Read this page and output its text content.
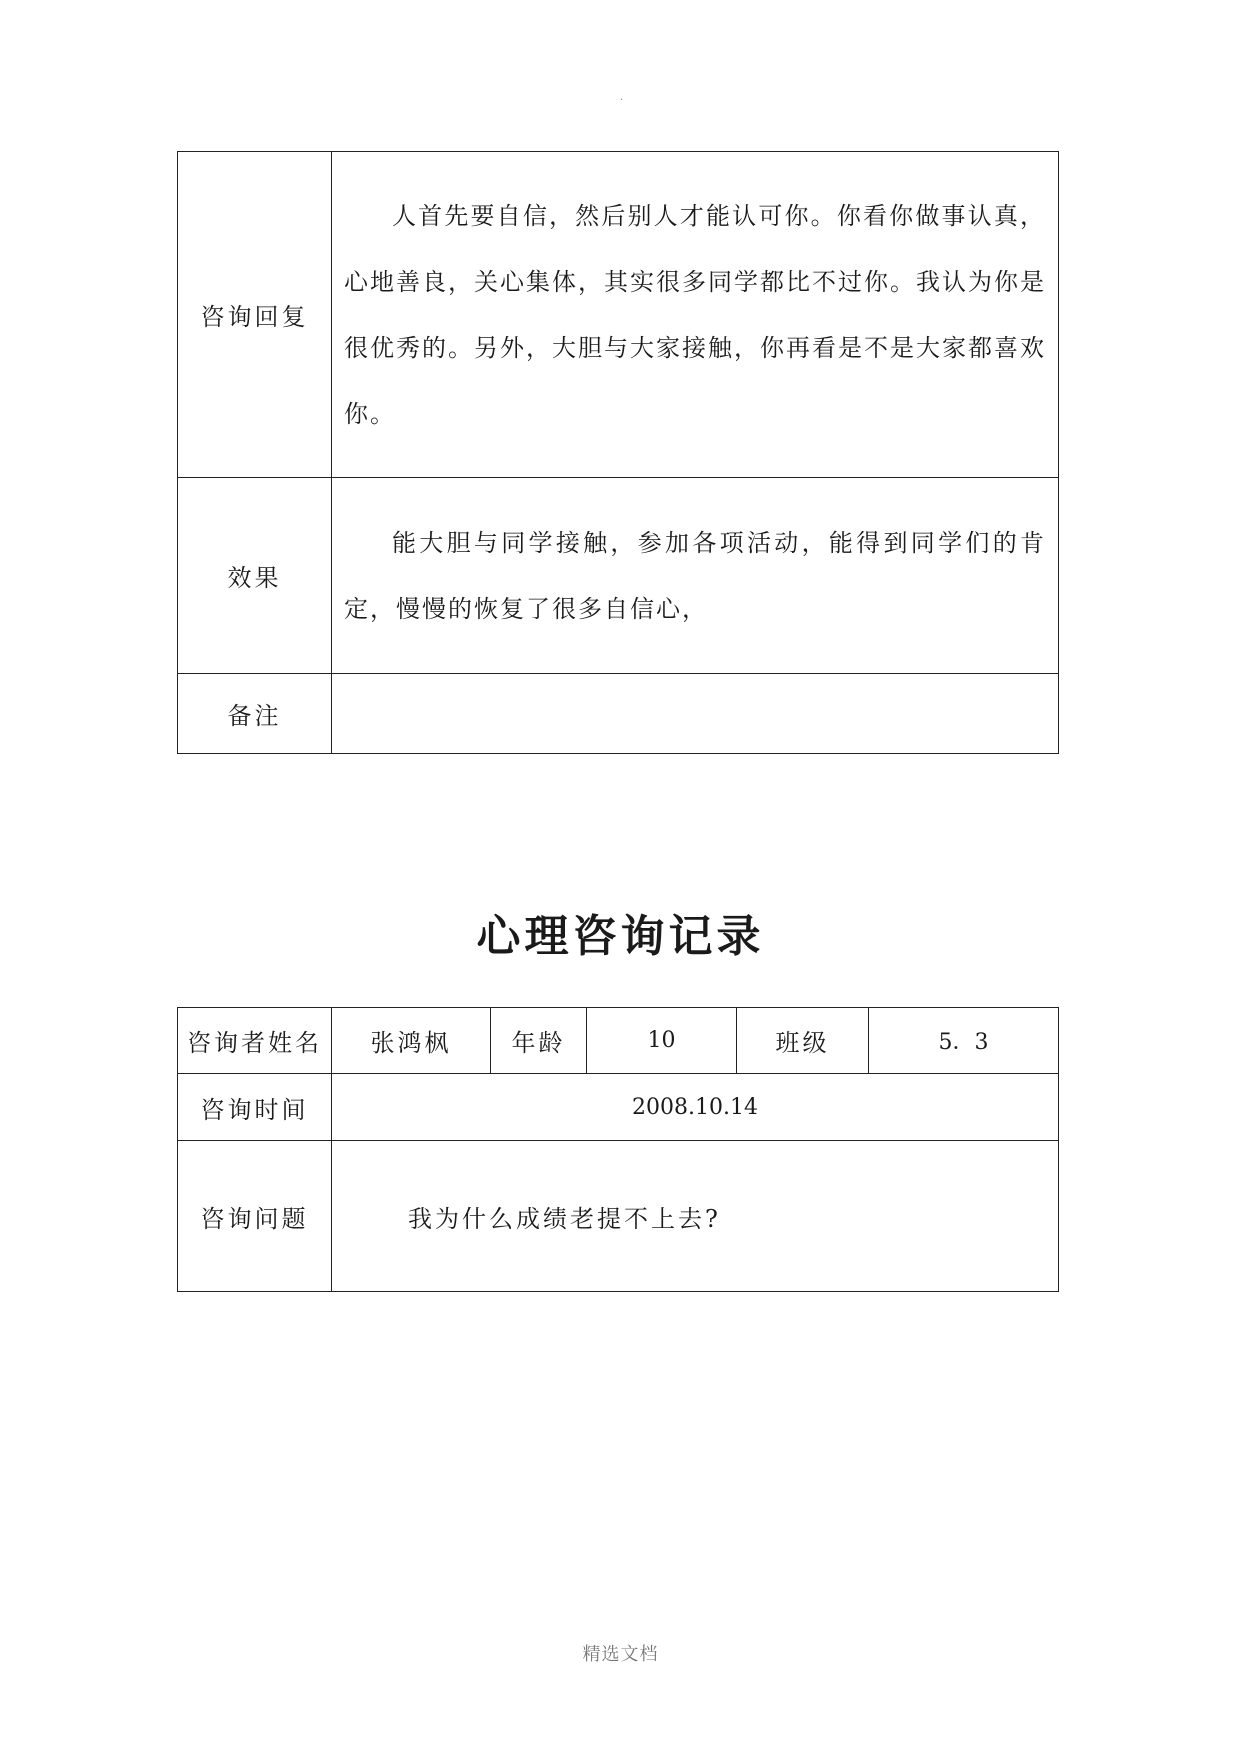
·
咨询回复	人首先要自信，然后别人才能认可你。你看你做事认真，心地善良，关心集体，其实很多同学都比不过你。我认为你是很优秀的。另外，大胆与大家接触，你再看是不是大家都喜欢你。

效果	能大胆与同学接触，参加各项活动，能得到同学们的肯定，慢慢的恢复了很多自信心，

备注	
心理咨询记录
咨询者姓名	张鸿枫	年龄	10	班级	5．3
咨询时间	2008.10.14				
咨询问题	我为什么成绩老提不上去?				
精选文档
